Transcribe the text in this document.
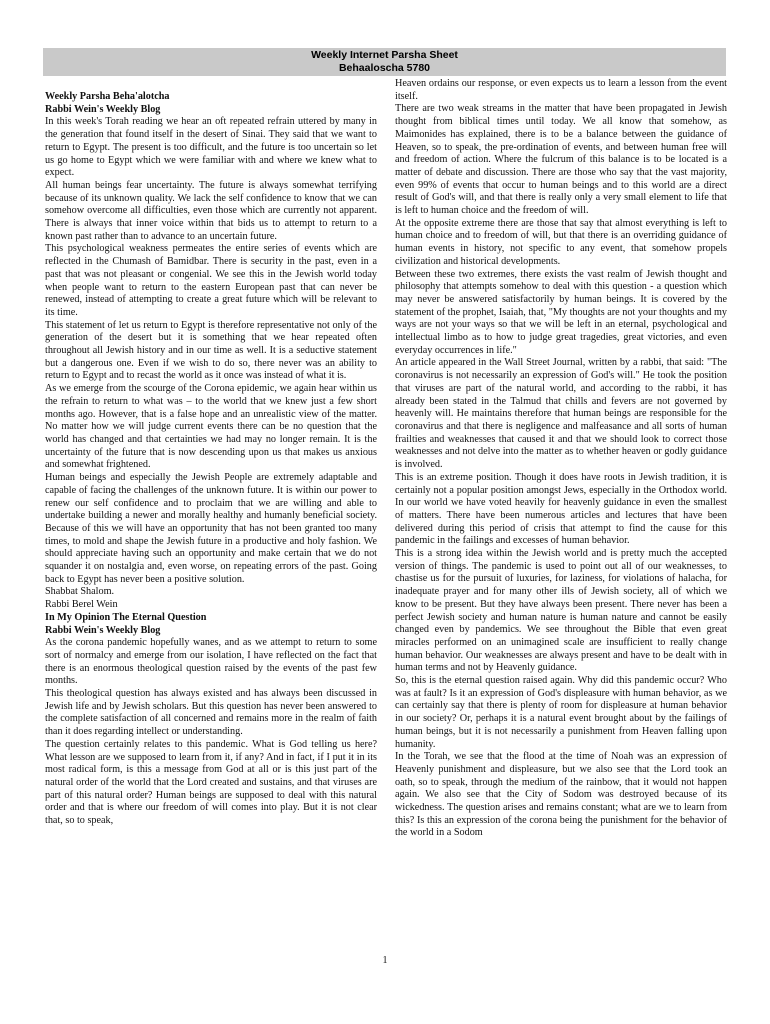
Weekly Internet Parsha Sheet
Behaaloscha 5780

Weekly Parsha Beha'alotcha

Rabbi Wein's Weekly Blog

In this week's Torah reading we hear an oft repeated refrain uttered by many in the generation that found itself in the desert of Sinai. They said that we want to return to Egypt. The present is too difficult, and the future is too uncertain so let us go home to Egypt which we were familiar with and where we knew what to expect.

All human beings fear uncertainty. The future is always somewhat terrifying because of its unknown quality. We lack the self confidence to know that we can somehow overcome all difficulties, even those which are currently not apparent. There is always that inner voice within that bids us to attempt to return to a known past rather than to advance to an uncertain future.

This psychological weakness permeates the entire series of events which are reflected in the Chumash of Bamidbar. There is security in the past, even in a past that was not pleasant or congenial. We see this in the Jewish world today when people want to return to the eastern European past that can never be renewed, instead of attempting to create a great future which will be relevant to its time.

This statement of let us return to Egypt is therefore representative not only of the generation of the desert but it is something that we hear repeated often throughout all Jewish history and in our time as well. It is a seductive statement but a dangerous one. Even if we wish to do so, there never was an ability to return to Egypt and to recast the world as it once was instead of what it is.

As we emerge from the scourge of the Corona epidemic, we again hear within us the refrain to return to what was – to the world that we knew just a few short months ago. However, that is a false hope and an unrealistic view of the matter. No matter how we will judge current events there can be no question that the world has changed and that certainties we had may no longer remain. It is the uncertainty of the future that is now descending upon us that makes us anxious and somewhat frightened.

Human beings and especially the Jewish People are extremely adaptable and capable of facing the challenges of the unknown future. It is within our power to renew our self confidence and to proclaim that we are willing and able to undertake building a newer and morally healthy and humanly beneficial society. Because of this we will have an opportunity that has not been granted too many times, to mold and shape the Jewish future in a productive and holy fashion. We should appreciate having such an opportunity and make certain that we do not squander it on nostalgia and, even worse, on repeating errors of the past. Going back to Egypt has never been a positive solution.

Shabbat Shalom.

Rabbi Berel Wein

In My Opinion The Eternal Question

Rabbi Wein's Weekly Blog

As the corona pandemic hopefully wanes, and as we attempt to return to some sort of normalcy and emerge from our isolation, I have reflected on the fact that there is an enormous theological question raised by the events of the past few months.

This theological question has always existed and has always been discussed in Jewish life and by Jewish scholars. But this question has never been answered to the complete satisfaction of all concerned and remains more in the realm of faith than it does regarding intellect or understanding.

The question certainly relates to this pandemic. What is God telling us here? What lesson are we supposed to learn from it, if any? And in fact, if I put it in its most radical form, is this a message from God at all or is this just part of the natural order of the world that the Lord created and sustains, and that viruses are part of this natural order? Human beings are supposed to deal with this natural order and that is where our freedom of will comes into play. But it is not clear that, so to speak,

Heaven ordains our response, or even expects us to learn a lesson from the event itself.

There are two weak streams in the matter that have been propagated in Jewish thought from biblical times until today. We all know that somehow, as Maimonides has explained, there is to be a balance between the guidance of Heaven, so to speak, the pre-ordination of events, and between human free will and freedom of action. Where the fulcrum of this balance is to be located is a matter of debate and discussion. There are those who say that the vast majority, even 99% of events that occur to human beings and to this world are a direct result of God's will, and that there is really only a very small element to life that is left to human choice and the freedom of will.

At the opposite extreme there are those that say that almost everything is left to human choice and to freedom of will, but that there is an overriding guidance of human events in history, not specific to any event, that somehow propels civilization and historical developments.

Between these two extremes, there exists the vast realm of Jewish thought and philosophy that attempts somehow to deal with this question - a question which may never be answered satisfactorily by human beings. It is covered by the statement of the prophet, Isaiah, that, "My thoughts are not your thoughts and my ways are not your ways so that we will be left in an eternal, psychological and intellectual limbo as to how to judge great tragedies, great victories, and even everyday occurrences in life."

An article appeared in the Wall Street Journal, written by a rabbi, that said: "The coronavirus is not necessarily an expression of God's will." He took the position that viruses are part of the natural world, and according to the rabbi, it has already been stated in the Talmud that chills and fevers are not governed by heavenly will. He maintains therefore that human beings are responsible for the coronavirus and that there is negligence and malfeasance and all sorts of human frailties and weaknesses that caused it and that we should look to correct those weaknesses and not delve into the matter as to whether heaven or godly guidance is involved.

This is an extreme position. Though it does have roots in Jewish tradition, it is certainly not a popular position amongst Jews, especially in the Orthodox world. In our world we have voted heavily for heavenly guidance in even the smallest of matters. There have been numerous articles and lectures that have been delivered during this period of crisis that attempt to find the cause for this pandemic in the failings and excesses of human behavior.

This is a strong idea within the Jewish world and is pretty much the accepted version of things. The pandemic is used to point out all of our weaknesses, to chastise us for the pursuit of luxuries, for laziness, for violations of halacha, for inadequate prayer and for many other ills of Jewish society, all of which we know to be present. But they have always been present. There never has been a perfect Jewish society and human nature is human nature and cannot be easily changed even by pandemics. We see throughout the Bible that even great miracles performed on an unimagined scale are insufficient to really change human behavior. Our weaknesses are always present and have to be dealt with in human terms and not by Heavenly guidance.

So, this is the eternal question raised again. Why did this pandemic occur? Who was at fault? Is it an expression of God's displeasure with human behavior, as we can certainly say that there is plenty of room for displeasure at human behavior in our society? Or, perhaps it is a natural event brought about by the failings of human beings, but it is not necessarily a punishment from Heaven falling upon humanity.

In the Torah, we see that the flood at the time of Noah was an expression of Heavenly punishment and displeasure, but we also see that the Lord took an oath, so to speak, through the medium of the rainbow, that it would not happen again. We also see that the City of Sodom was destroyed because of its wickedness. The question arises and remains constant; what are we to learn from this? Is this an expression of the corona being the punishment for the behavior of the world in a Sodom

1
